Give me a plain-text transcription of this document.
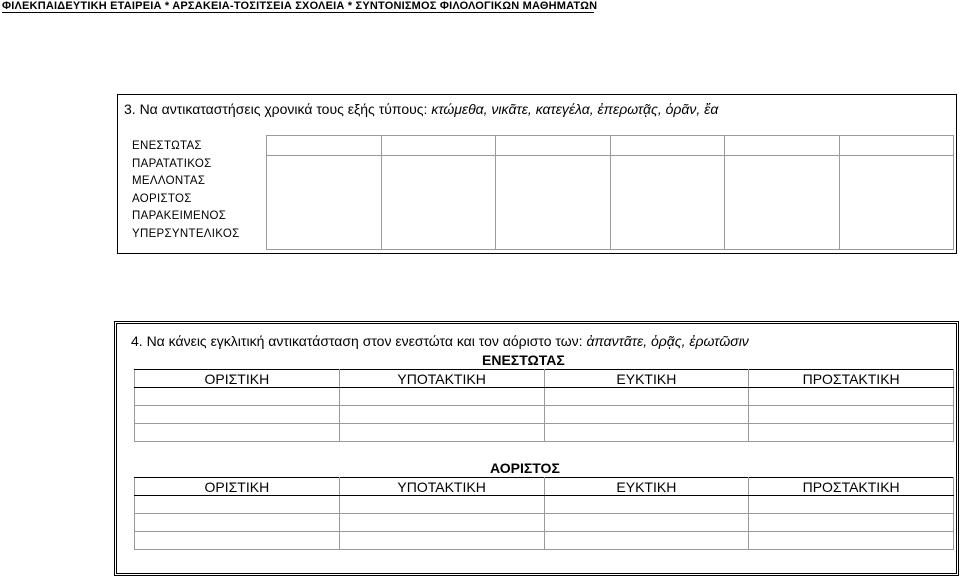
ΦΙΛΕΚΠΑΙΔΕΥΤΙΚΗ ΕΤΑΙΡΕΙΑ * ΑΡΣΑΚΕΙΑ-ΤΟΣΙΤΣΕΙΑ ΣΧΟΛΕΙΑ * ΣΥΝΤΟΝΙΣΜΟΣ ΦΙΛΟΛΟΓΙΚΩΝ ΜΑΘΗΜΑΤΩΝ
3. Να αντικαταστήσεις χρονικά τους εξής τύπους: κτώμεθα, νικᾶτε, κατεγέλα, ἐπερωτᾷς, ὁρᾶν, ἔα
ΕΝΕΣΤΩΤΑΣ
ΠΑΡΑΤΑΤΙΚΟΣ
ΜΕΛΛΟΝΤΑΣ
ΑΟΡΙΣΤΟΣ
ΠΑΡΑΚΕΙΜΕΝΟΣ
ΥΠΕΡΣΥΝΤΕΛΙΚΟΣ

4. Να κάνεις εγκλιτική αντικατάσταση στον ενεστώτα και τον αόριστο των: ἀπαντᾶτε, ὁρᾷς, ἐρωτῶσιν
ΕΝΕΣΤΩΤΑΣ
ΟΡΙΣΤΙΚΗ	ΥΠΟΤΑΚΤΙΚΗ	ΕΥΚΤΙΚΗ	ΠΡΟΣΤΑΚΤΙΚΗ

ΑΟΡΙΣΤΟΣ
ΟΡΙΣΤΙΚΗ	ΥΠΟΤΑΚΤΙΚΗ	ΕΥΚΤΙΚΗ	ΠΡΟΣΤΑΚΤΙΚΗ
